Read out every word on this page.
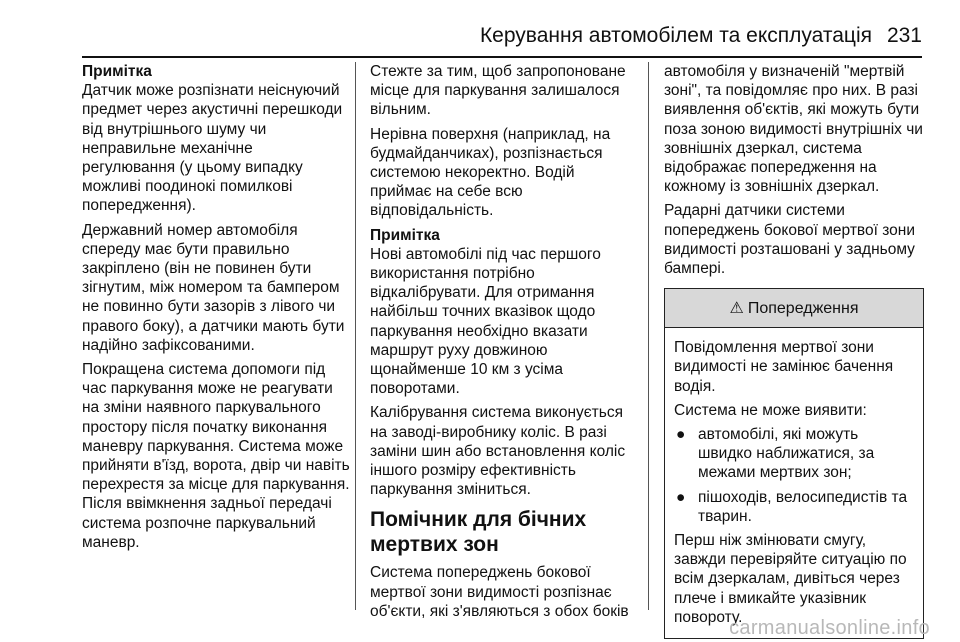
Керування автомобілем та експлуатація 231

Примітка

Датчик може розпізнати неіснуючий предмет через акустичні перешкоди від внутрішнього шуму чи неправильне механічне регулювання (у цьому випадку можливі поодинокі помилкові попередження).

Державний номер автомобіля спереду має бути правильно закріплено (він не повинен бути зігнутим, між номером та бампером не повинно бути зазорів з лівого чи правого боку), а датчики мають бути надійно зафіксованими.

Покращена система допомоги під час паркування може не реагувати на зміни наявного паркувального простору після початку виконання маневру паркування. Система може прийняти в'їзд, ворота, двір чи навіть перехрестя за місце для паркування. Після ввімкнення задньої передачі система розпочне паркувальний маневр.

Стежте за тим, щоб запропоноване місце для паркування залишалося вільним.

Нерівна поверхня (наприклад, на будмайданчиках), розпізнається системою некоректно. Водій приймає на себе всю відповідальність.

Примітка

Нові автомобілі під час першого використання потрібно відкалібрувати. Для отримання найбільш точних вказівок щодо паркування необхідно вказати маршрут руху довжиною щонайменше 10 км з усіма поворотами.

Калібрування система виконується на заводі-виробнику коліс. В разі заміни шин або встановлення коліс іншого розміру ефективність паркування зміниться.

Помічник для бічних мертвих зон

Система попереджень бокової мертвої зони видимості розпізнає об'єкти, які з'являються з обох боків

автомобіля у визначеній "мертвій зоні", та повідомляє про них. В разі виявлення об'єктів, які можуть бути поза зоною видимості внутрішніх чи зовнішніх дзеркал, система відображає попередження на кожному із зовнішніх дзеркал.

Радарні датчики системи попереджень бокової мертвої зони видимості розташовані у задньому бампері.

⚠ Попередження

Повідомлення мертвої зони видимості не замінює бачення водія.

Система не може виявити:

● автомобілі, які можуть швидко наближатися, за межами мертвих зон;
● пішоходів, велосипедистів та тварин.

Перш ніж змінювати смугу, завжди перевіряйте ситуацію по всім дзеркалам, дивіться через плече і вмикайте указівник повороту.

carmanualsonline.info
